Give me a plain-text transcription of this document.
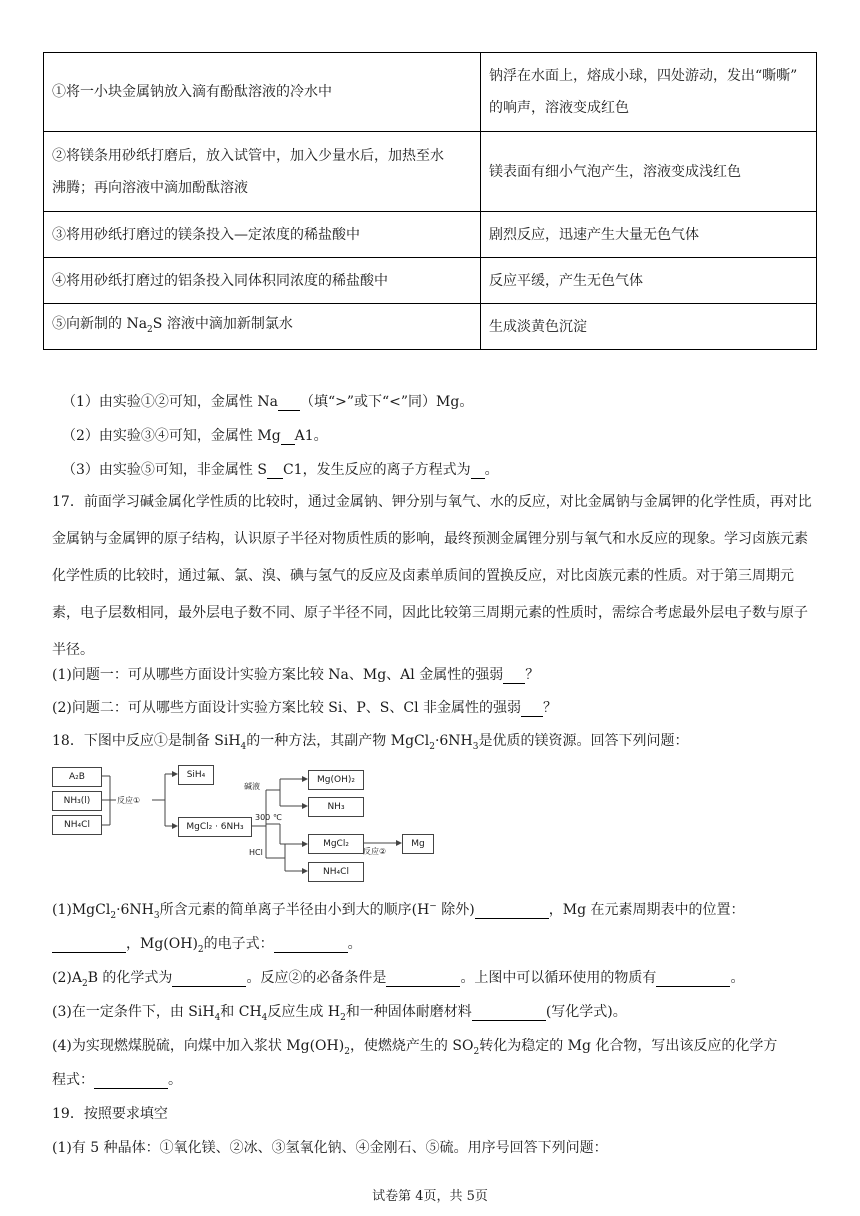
①将一小块金属钠放入滴有酚酞溶液的冷水中	钠浮在水面上，熔成小球，四处游动，发出“嘶嘶”
的响声，溶液变成红色

②将镁条用砂纸打磨后，放入试管中，加入少量水后，加热至水
沸腾；再向溶液中滴加酚酞溶液	镁表面有细小气泡产生，溶液变成浅红色
③将用砂纸打磨过的镁条投入—定浓度的稀盐酸中	剧烈反应，迅速产生大量无色气体
④将用砂纸打磨过的铝条投入同体积同浓度的稀盐酸中	反应平缓，产生无色气体
⑤向新制的 $Na_2S$ 溶液中滴加新制氯水	生成淡黄色沉淀
（1）由实验①②可知，金属性 Na （填“>”或下“<”同）Mg。
（2）由实验③④可知，金属性 Mg A1。
（3）由实验⑤可知，非金属性 S C1，发生反应的离子方程式为 。
17．前面学习碱金属化学性质的比较时，通过金属钠、钾分别与氧气、水的反应，对比金属钠与金属钾的化学性质，再对比金属钠与金属钾的原子结构，认识原子半径对物质性质的影响，最终预测金属锂分别与氧气和水反应的现象。学习卤族元素化学性质的比较时，通过氟、氯、溴、碘与氢气的反应及卤素单质间的置换反应，对比卤族元素的性质。对于第三周期元素，电子层数相同，最外层电子数不同、原子半径不同，因此比较第三周期元素的性质时，需综合考虑最外层电子数与原子半径。
(1)问题一：可从哪些方面设计实验方案比较 Na、Mg、Al 金属性的强弱 ？
(2)问题二：可从哪些方面设计实验方案比较 Si、P、S、Cl 非金属性的强弱 ？
18．下图中反应①是制备 SiH$_4$的一种方法，其副产物 $MgCl_2\cdot 6NH_3$是优质的镁资源。回答下列问题：
A₂B
NH₃(l)
NH₄Cl
反应①
SiH₄
MgCl₂ · 6NH₃
碱液
300 ℃
HCl
Mg(OH)₂
NH₃
MgCl₂
NH₄Cl
反应②
Mg
$(1)MgCl_2\cdot 6NH_3$所含元素的简单离子半径由小到大的顺序(H− 除外)	，Mg 在元素周期表中的位置：
，$Mg(OH)_2$的电子式：	。
$(2)A_2B$ 的化学式为	。反应②的必备条件是	。上图中可以循环使用的物质有	。
(3)在一定条件下，由 SiH$_4$和 $CH_4$反应生成 $H_2$和一种固体耐磨材料	(写化学式)。
(4)为实现燃煤脱硫，向煤中加入浆状 $Mg(OH)_2$，使燃烧产生的 $SO_2$转化为稳定的 Mg 化合物，写出该反应的化学方
程式：	。
19．按照要求填空
(1)有 5 种晶体：①氧化镁、②冰、③氢氧化钠、④金刚石、⑤硫。用序号回答下列问题：
试卷第 4页，共 5页
